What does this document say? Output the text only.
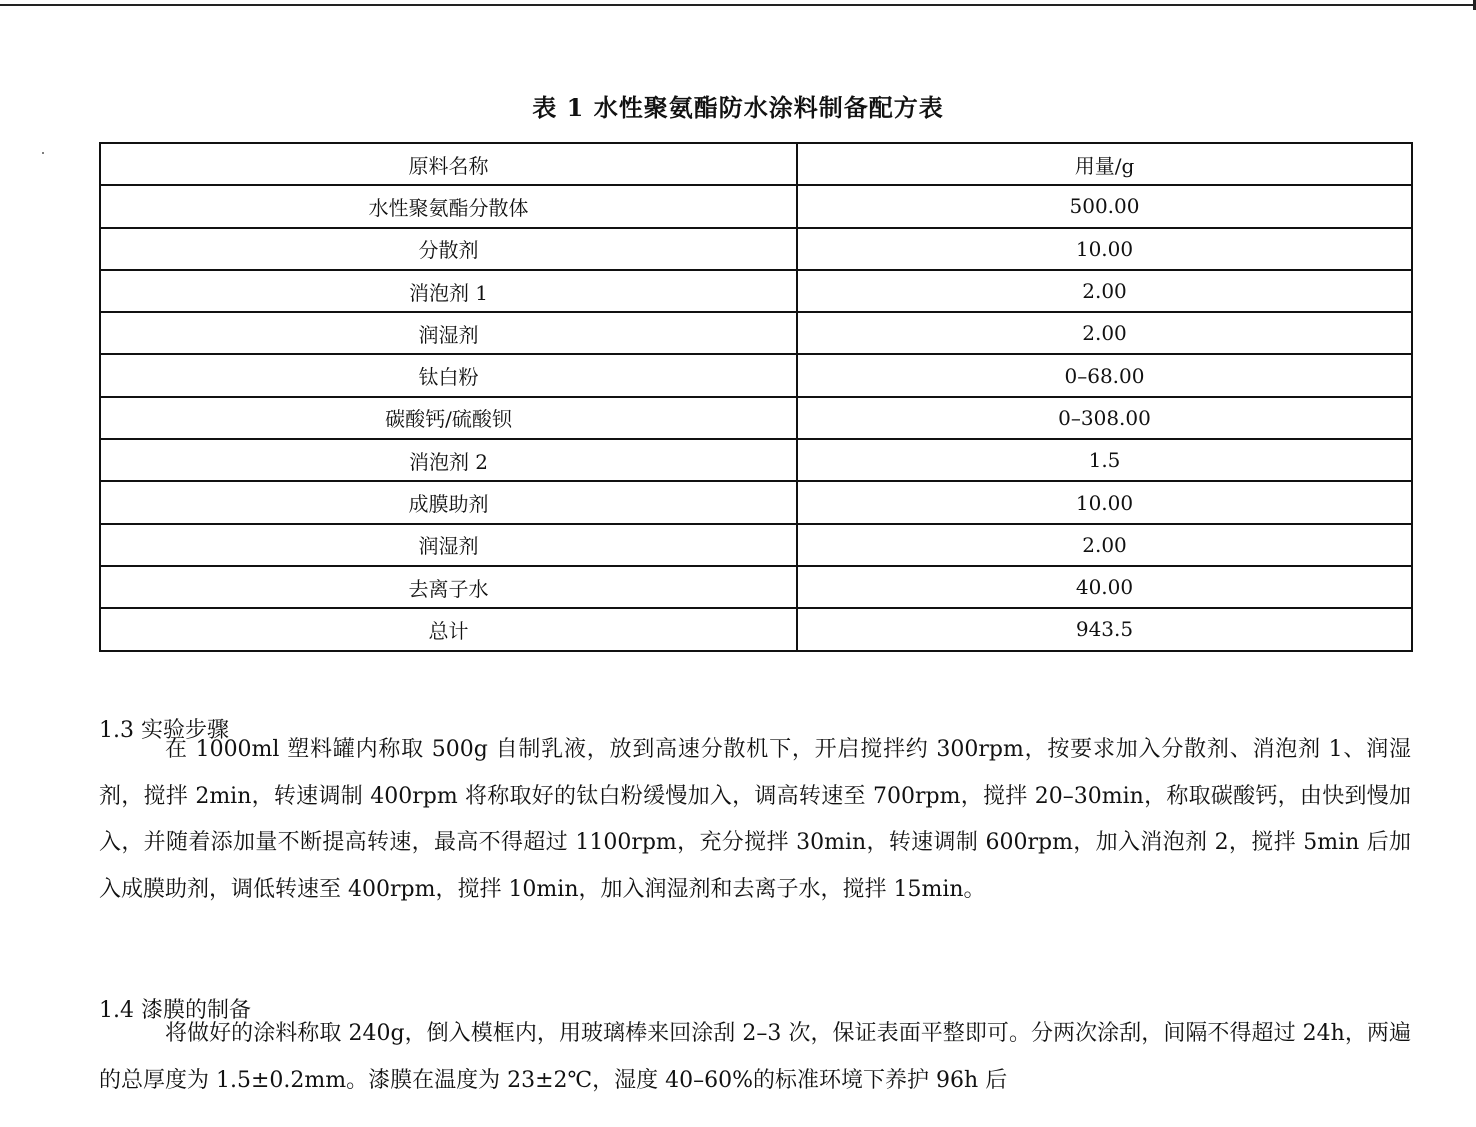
表 1 水性聚氨酯防水涂料制备配方表
原料名称	用量/g
水性聚氨酯分散体	500.00
分散剂	10.00
消泡剂 1	2.00
润湿剂	2.00
钛白粉	0–68.00
碳酸钙/硫酸钡	0–308.00
消泡剂 2	1.5
成膜助剂	10.00
润湿剂	2.00
去离子水	40.00
总计	943.5
1.3 实验步骤

在 1000ml 塑料罐内称取 500g 自制乳液，放到高速分散机下，开启搅拌约 300rpm，按要求加入分散剂、消泡剂 1、润湿剂，搅拌 2min，转速调制 400rpm 将称取好的钛白粉缓慢加入，调高转速至 700rpm，搅拌 20–30min，称取碳酸钙，由快到慢加入，并随着添加量不断提高转速，最高不得超过 1100rpm，充分搅拌 30min，转速调制 600rpm，加入消泡剂 2，搅拌 5min 后加入成膜助剂，调低转速至 400rpm，搅拌 10min，加入润湿剂和去离子水，搅拌 15min。

1.4 漆膜的制备

将做好的涂料称取 240g，倒入模框内，用玻璃棒来回涂刮 2–3 次，保证表面平整即可。分两次涂刮，间隔不得超过 24h，两遍的总厚度为 1.5±0.2mm。漆膜在温度为 23±2℃，湿度 40–60%的标准环境下养护 96h 后
